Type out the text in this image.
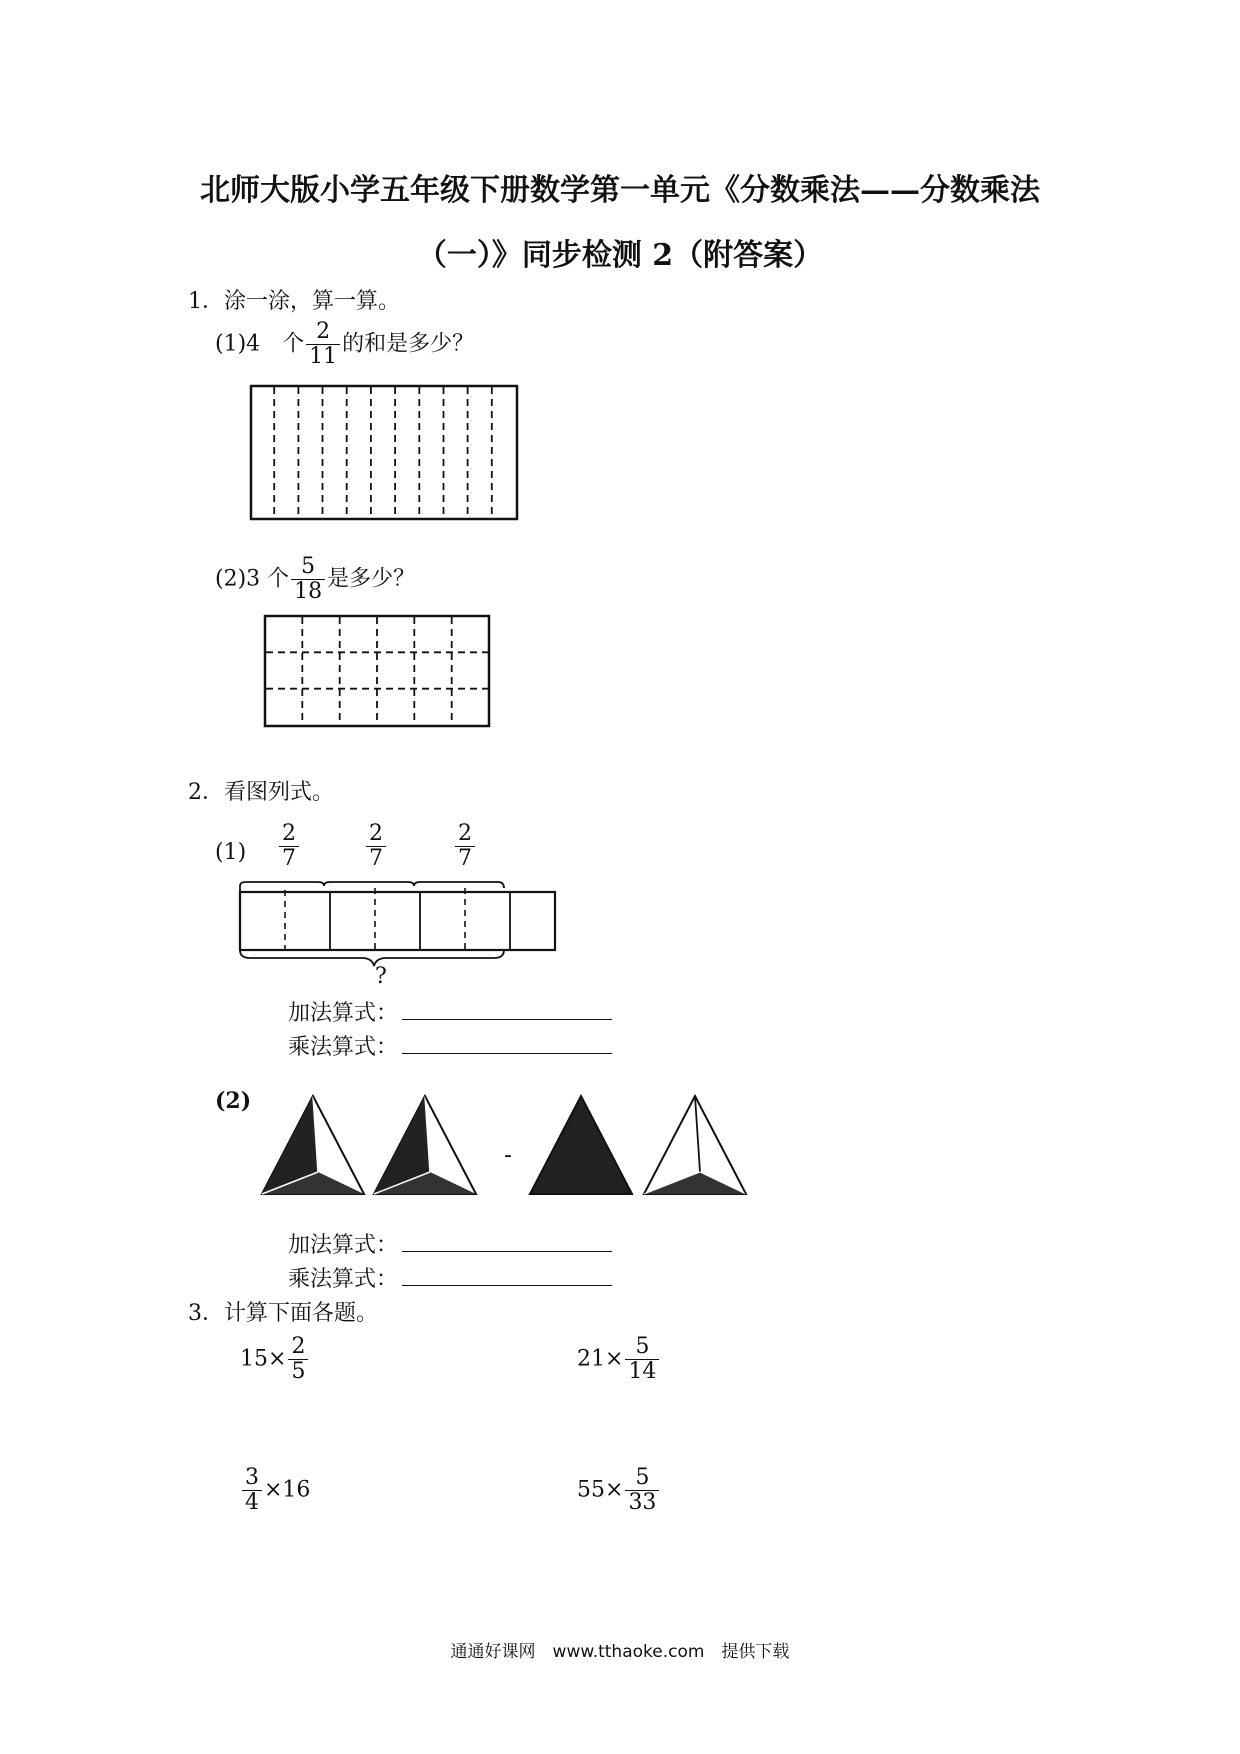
北师大版小学五年级下册数学第一单元《分数乘法——分数乘法
（一）》同步检测 2（附答案）
1．涂一涂，算一算。
(1)4　个 $\frac{2}{11}$ 的和是多少？
(2)3 个 $\frac{5}{18}$ 是多少？
2．看图列式。
$(1) \frac{2}{7}$	$\frac{2}{7}$	$\frac{2}{7}$
?
加法算式：
乘法算式：
(2)
-
加法算式：
乘法算式：
3．计算下面各题。
$15\times \frac{2}{5}$	$21\times \frac{5}{14}$
$\frac{3}{4} \times 16$	$55\times \frac{5}{33}$
通通好课网　www.tthaoke.com　提供下载
